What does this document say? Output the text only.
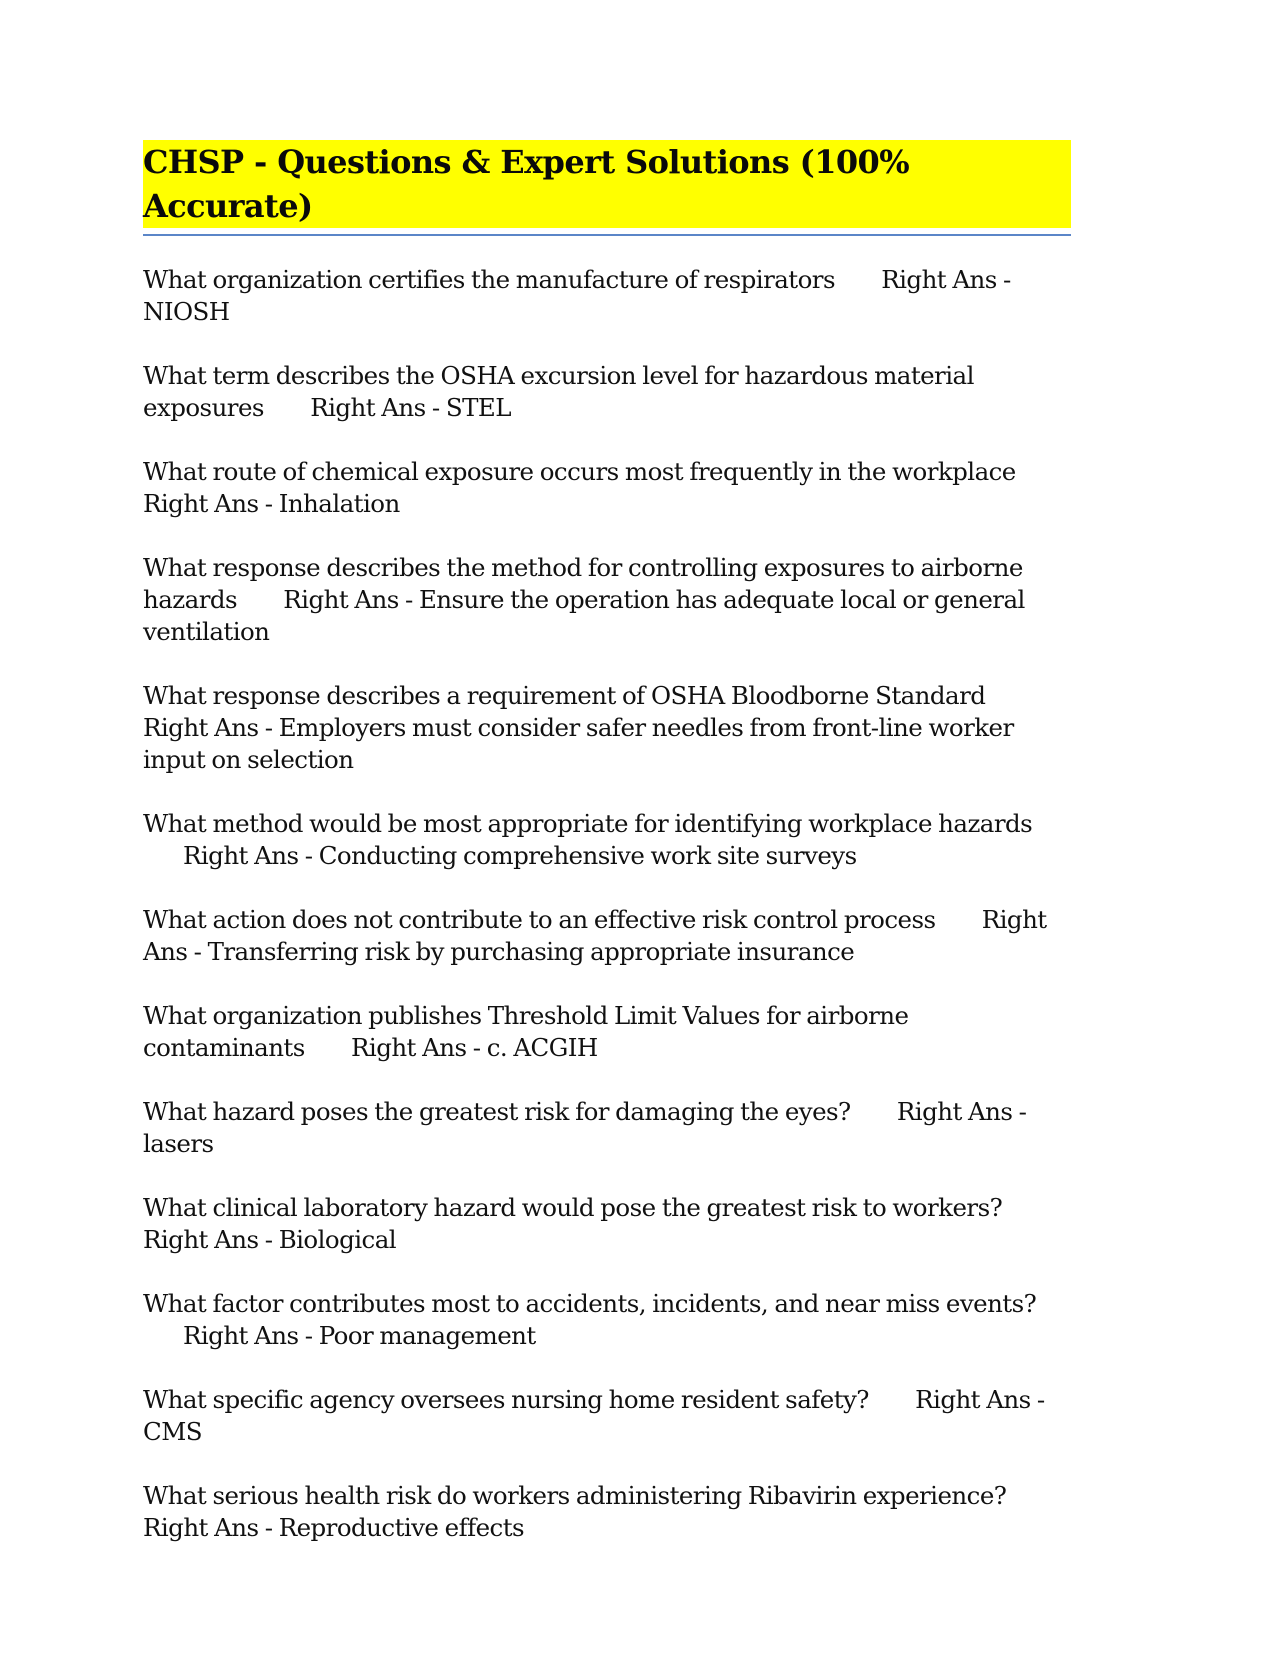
CHSP - Questions & Expert Solutions (100% Accurate)

What organization certifies the manufacture of respirators Right Ans - NIOSH

What term describes the OSHA excursion level for hazardous material exposures Right Ans - STEL

What route of chemical exposure occurs most frequently in the workplace Right Ans - Inhalation

What response describes the method for controlling exposures to airborne hazards Right Ans - Ensure the operation has adequate local or general ventilation

What response describes a requirement of OSHA Bloodborne Standard Right Ans - Employers must consider safer needles from front-line worker input on selection

What method would be most appropriate for identifying workplace hazards Right Ans - Conducting comprehensive work site surveys

What action does not contribute to an effective risk control process Right Ans - Transferring risk by purchasing appropriate insurance

What organization publishes Threshold Limit Values for airborne contaminants Right Ans - c. ACGIH

What hazard poses the greatest risk for damaging the eyes? Right Ans - lasers

What clinical laboratory hazard would pose the greatest risk to workers? Right Ans - Biological

What factor contributes most to accidents, incidents, and near miss events? Right Ans - Poor management

What specific agency oversees nursing home resident safety? Right Ans - CMS

What serious health risk do workers administering Ribavirin experience? Right Ans - Reproductive effects
